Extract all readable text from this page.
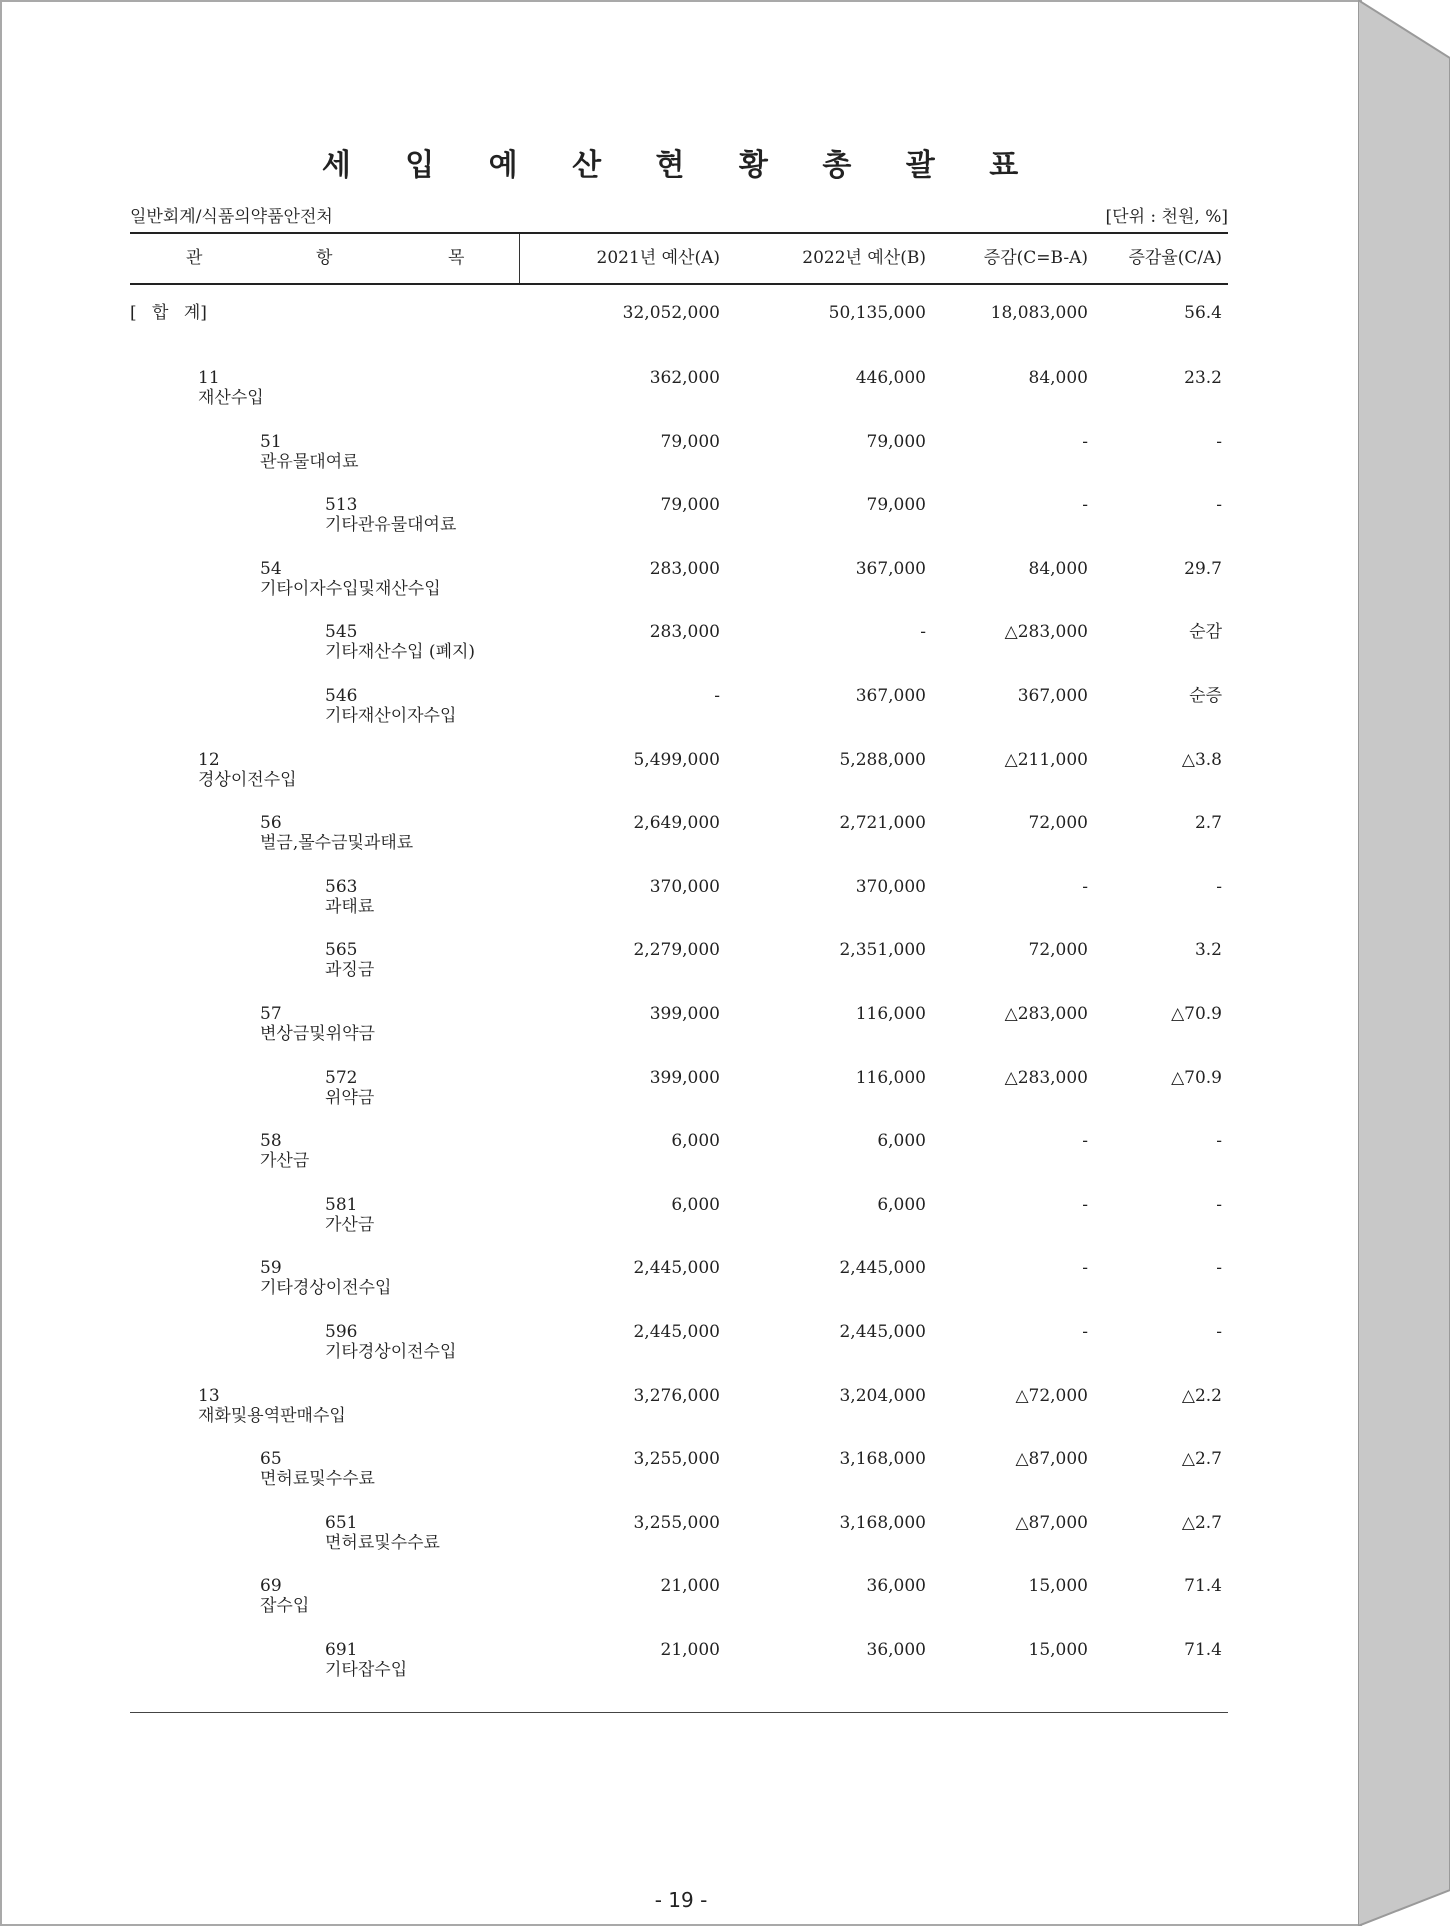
세 입 예 산 현 황 총 괄 표
일반회계/식품의약품안전처	[단위 : 천원, %]
관	항	목	2021년 예산(A)	2022년 예산(B)	증감(C=B-A)	증감율(C/A)
[ 합 계]	32,052,000	50,135,000	18,083,000	56.4
11
재산수입
362,000	446,000	84,000	23.2
51
관유물대여료
79,000	79,000	-	-
513
기타관유물대여료
79,000	79,000	-	-
54
기타이자수입및재산수입
283,000	367,000	84,000	29.7
545
기타재산수입 (폐지)
283,000	-	△283,000	순감
546
기타재산이자수입
-	367,000	367,000	순증
12
경상이전수입
5,499,000	5,288,000	△211,000	△3.8
56
벌금,몰수금및과태료
2,649,000	2,721,000	72,000	2.7
563
과태료
370,000	370,000	-	-
565
과징금
2,279,000	2,351,000	72,000	3.2
57
변상금및위약금
399,000	116,000	△283,000	△70.9
572
위약금
399,000	116,000	△283,000	△70.9
58
가산금
6,000	6,000	-	-
581
가산금
6,000	6,000	-	-
59
기타경상이전수입
2,445,000	2,445,000	-	-
596
기타경상이전수입
2,445,000	2,445,000	-	-
13
재화및용역판매수입
3,276,000	3,204,000	△72,000	△2.2
65
면허료및수수료
3,255,000	3,168,000	△87,000	△2.7
651
면허료및수수료
3,255,000	3,168,000	△87,000	△2.7
69
잡수입
21,000	36,000	15,000	71.4
691
기타잡수입
21,000	36,000	15,000	71.4
- 19 -
